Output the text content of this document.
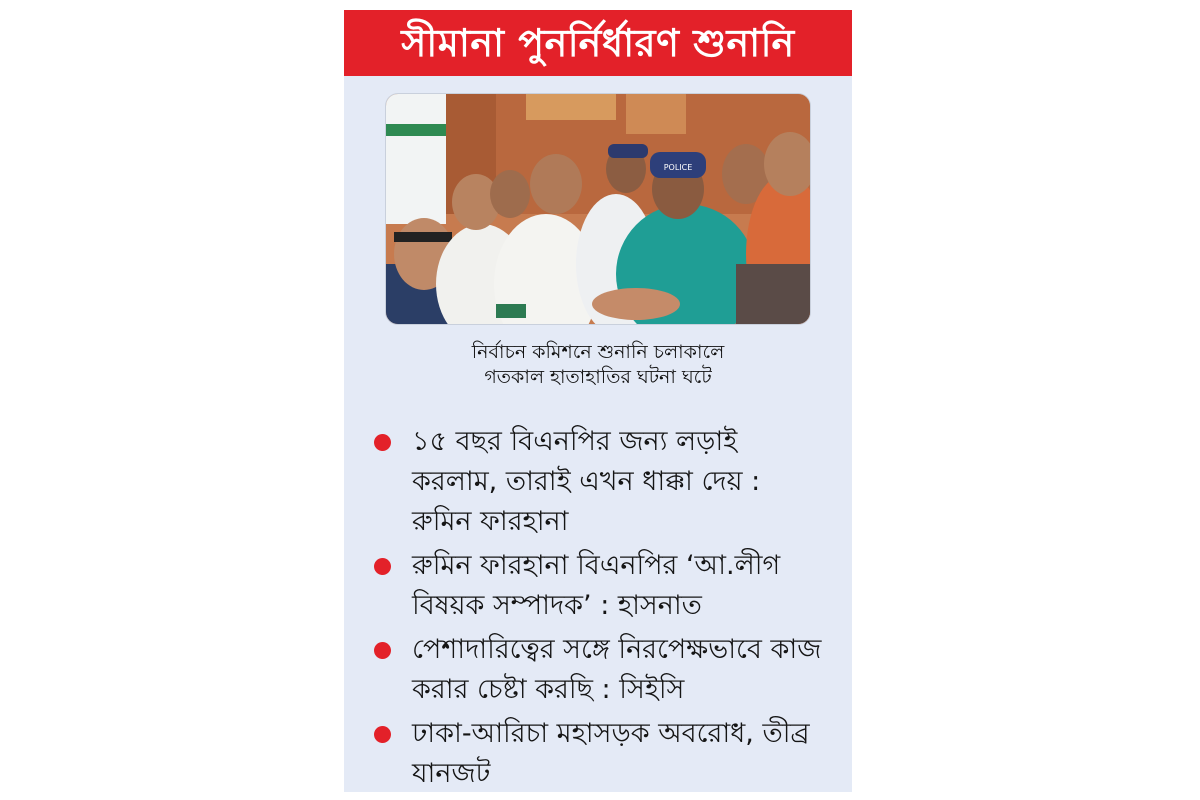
সীমানা পুনর্নির্ধারণ শুনানি
POLICE
নির্বাচন কমিশনে শুনানি চলাকালে
গতকাল হাতাহাতির ঘটনা ঘটে
১৫ বছর বিএনপির জন্য লড়াই করলাম, তারাই এখন ধাক্কা দেয় : রুমিন ফারহানা
রুমিন ফারহানা বিএনপির ‘আ.লীগ বিষয়ক সম্পাদক’ : হাসনাত
পেশাদারিত্বের সঙ্গে নিরপেক্ষভাবে কাজ করার চেষ্টা করছি : সিইসি
ঢাকা-আরিচা মহাসড়ক অবরোধ, তীব্র যানজট
